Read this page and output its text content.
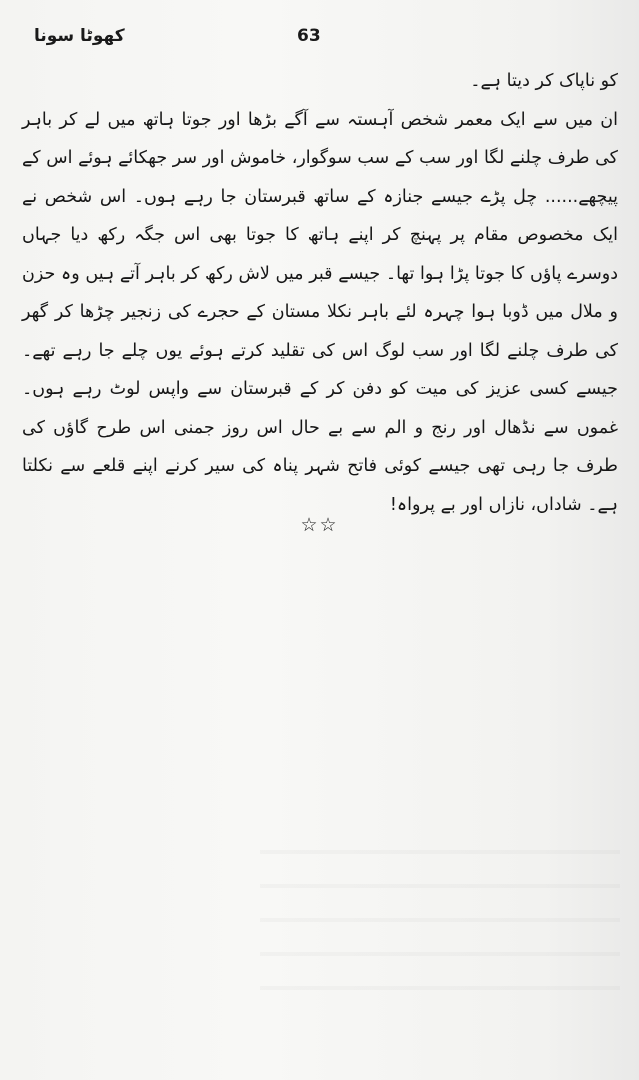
63
کھوٹا سونا

کو ناپاک کر دیتا ہے۔

ان میں سے ایک معمر شخص آہستہ سے آگے بڑھا اور جوتا ہاتھ میں لے کر باہر کی طرف چلنے لگا اور سب کے سب سوگوار، خاموش اور سر جھکائے ہوئے اس کے پیچھے...... چل پڑے جیسے جنازہ کے ساتھ قبرستان جا رہے ہوں۔ اس شخص نے ایک مخصوص مقام پر پہنچ کر اپنے ہاتھ کا جوتا بھی اس جگہ رکھ دیا جہاں دوسرے پاؤں کا جوتا پڑا ہوا تھا۔ جیسے قبر میں لاش رکھ کر باہر آتے ہیں وہ حزن و ملال میں ڈوبا ہوا چہرہ لئے باہر نکلا مستان کے حجرے کی زنجیر چڑھا کر گھر کی طرف چلنے لگا اور سب لوگ اس کی تقلید کرتے ہوئے یوں چلے جا رہے تھے۔ جیسے کسی عزیز کی میت کو دفن کر کے قبرستان سے واپس لوٹ رہے ہوں۔ غموں سے نڈھال اور رنج و الم سے بے حال اس روز جمنی اس طرح گاؤں کی طرف جا رہی تھی جیسے کوئی فاتح شہر پناہ کی سیر کرنے اپنے قلعے سے نکلتا ہے۔ شاداں، نازاں اور بے پرواہ!

☆☆
